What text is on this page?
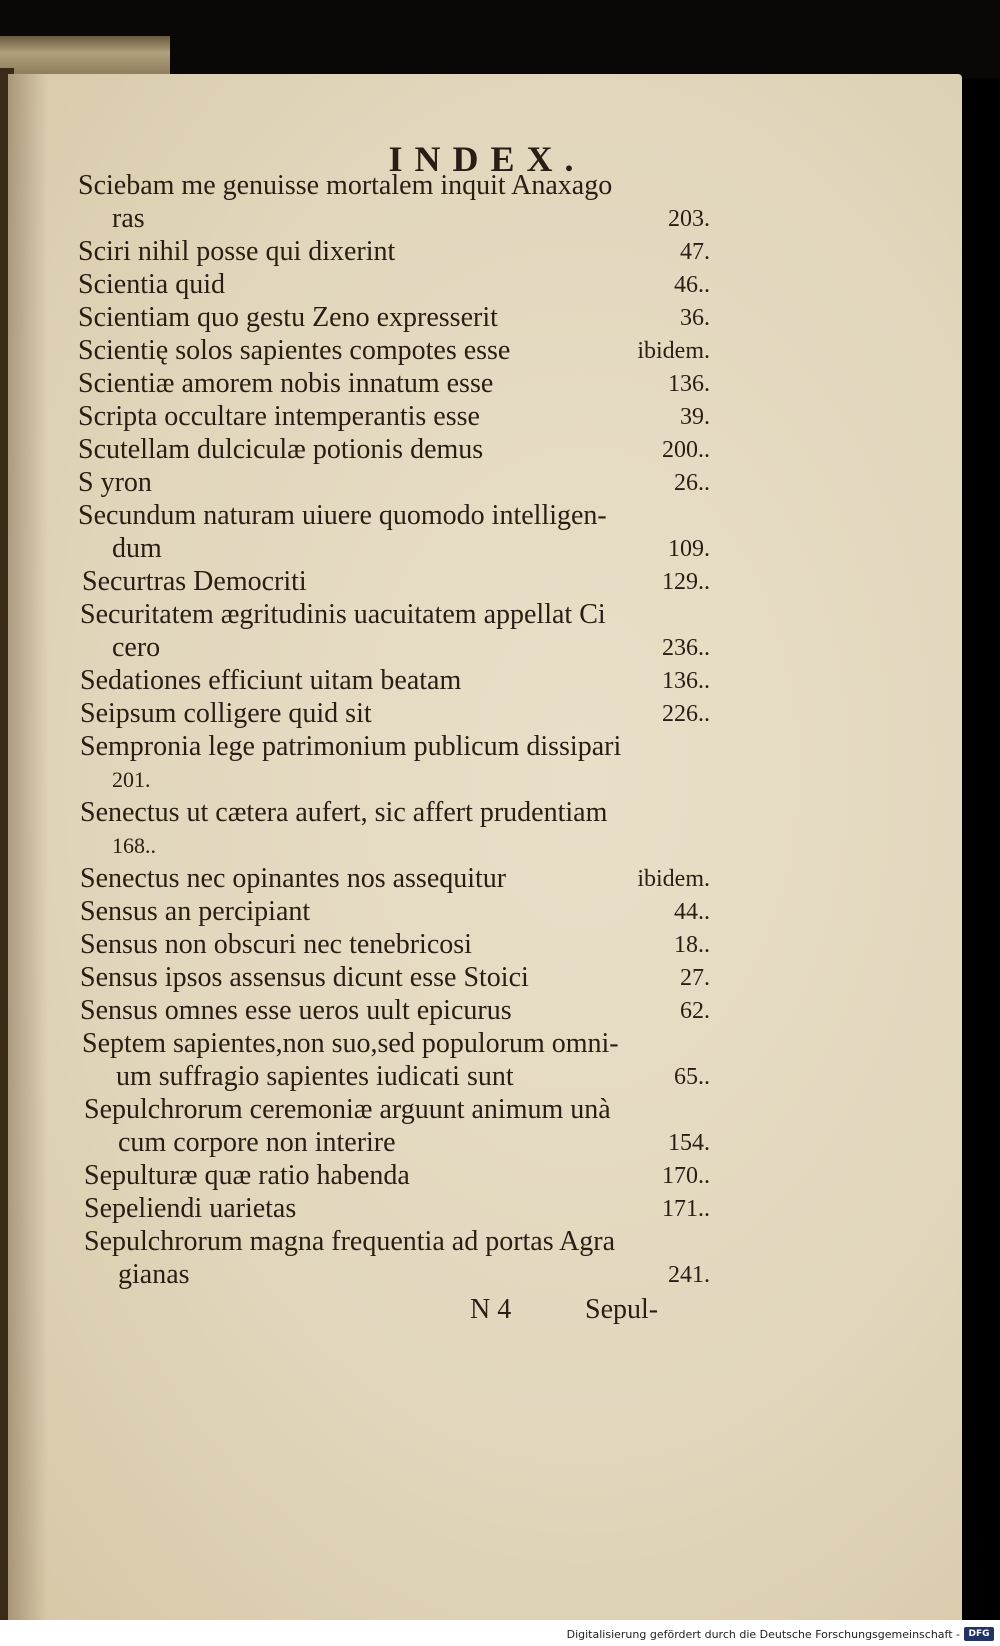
INDEX.
Sciebam me genuisse mortalem inquit Anaxago
ras	203.
Sciri nihil posse qui dixerint	47.
Scientia quid	46..
Scientiam quo gestu Zeno expresserit	36.
Scientię solos sapientes compotes esse	ibidem.
Scientiæ amorem nobis innatum esse	136.
Scripta occultare intemperantis esse	39.
Scutellam dulciculæ potionis demus	200..
S yron	26..
Secundum naturam uiuere quomodo intelligen-
dum	109.
Securtras Democriti	129..
Securitatem ægritudinis uacuitatem appellat Ci
cero	236..
Sedationes efficiunt uitam beatam	136..
Seipsum colligere quid sit	226..
Sempronia lege patrimonium publicum dissipari
201.
Senectus ut cætera aufert, sic affert prudentiam
168..
Senectus nec opinantes nos assequitur	ibidem.
Sensus an percipiant	44..
Sensus non obscuri nec tenebricosi	18..
Sensus ipsos assensus dicunt esse Stoici	27.
Sensus omnes esse ueros uult epicurus	62.
Septem sapientes,non suo,sed populorum omni-
um suffragio sapientes iudicati sunt	65..
Sepulchrorum ceremoniæ arguunt animum unà
cum corpore non interire	154.
Sepulturæ quæ ratio habenda	170..
Sepeliendi uarietas	171..
Sepulchrorum magna frequentia ad portas Agra
gianas	241.
N 4	Sepul-
Digitalisierung gefördert durch die Deutsche Forschungsgemeinschaft - DFG
